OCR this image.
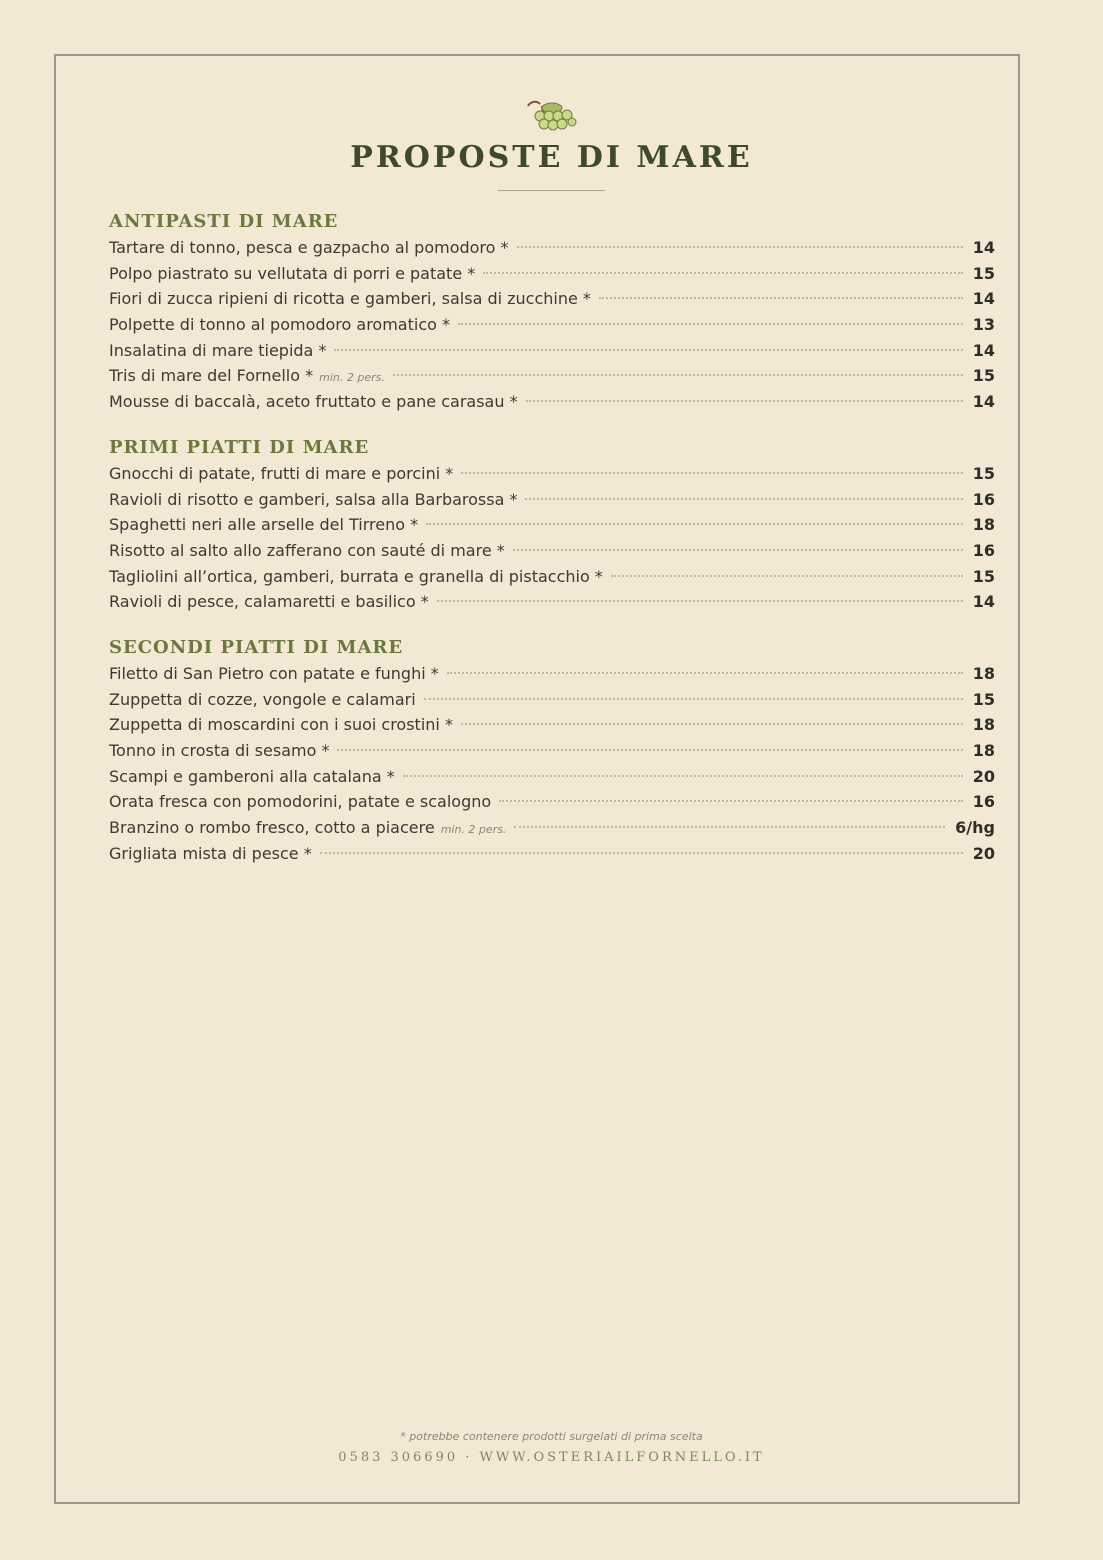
PROPOSTE DI MARE
ANTIPASTI DI MARE
Tartare di tonno, pesca e gazpacho al pomodoro *	14
Polpo piastrato su vellutata di porri e patate *	15
Fiori di zucca ripieni di ricotta e gamberi, salsa di zucchine *	14
Polpette di tonno al pomodoro aromatico *	13
Insalatina di mare tiepida *	14
Tris di mare del Fornello * min. 2 pers.	15
Mousse di baccalà, aceto fruttato e pane carasau *	14
PRIMI PIATTI DI MARE
Gnocchi di patate, frutti di mare e porcini *	15
Ravioli di risotto e gamberi, salsa alla Barbarossa *	16
Spaghetti neri alle arselle del Tirreno *	18
Risotto al salto allo zafferano con sauté di mare *	16
Tagliolini all’ortica, gamberi, burrata e granella di pistacchio *	15
Ravioli di pesce, calamaretti e basilico *	14
SECONDI PIATTI DI MARE
Filetto di San Pietro con patate e funghi *	18
Zuppetta di cozze, vongole e calamari	15
Zuppetta di moscardini con i suoi crostini *	18
Tonno in crosta di sesamo *	18
Scampi e gamberoni alla catalana *	20
Orata fresca con pomodorini, patate e scalogno	16
Branzino o rombo fresco, cotto a piacere min. 2 pers.	6/hg
Grigliata mista di pesce *	20
* potrebbe contenere prodotti surgelati di prima scelta
0583 306690 · WWW.OSTERIAILFORNELLO.IT
